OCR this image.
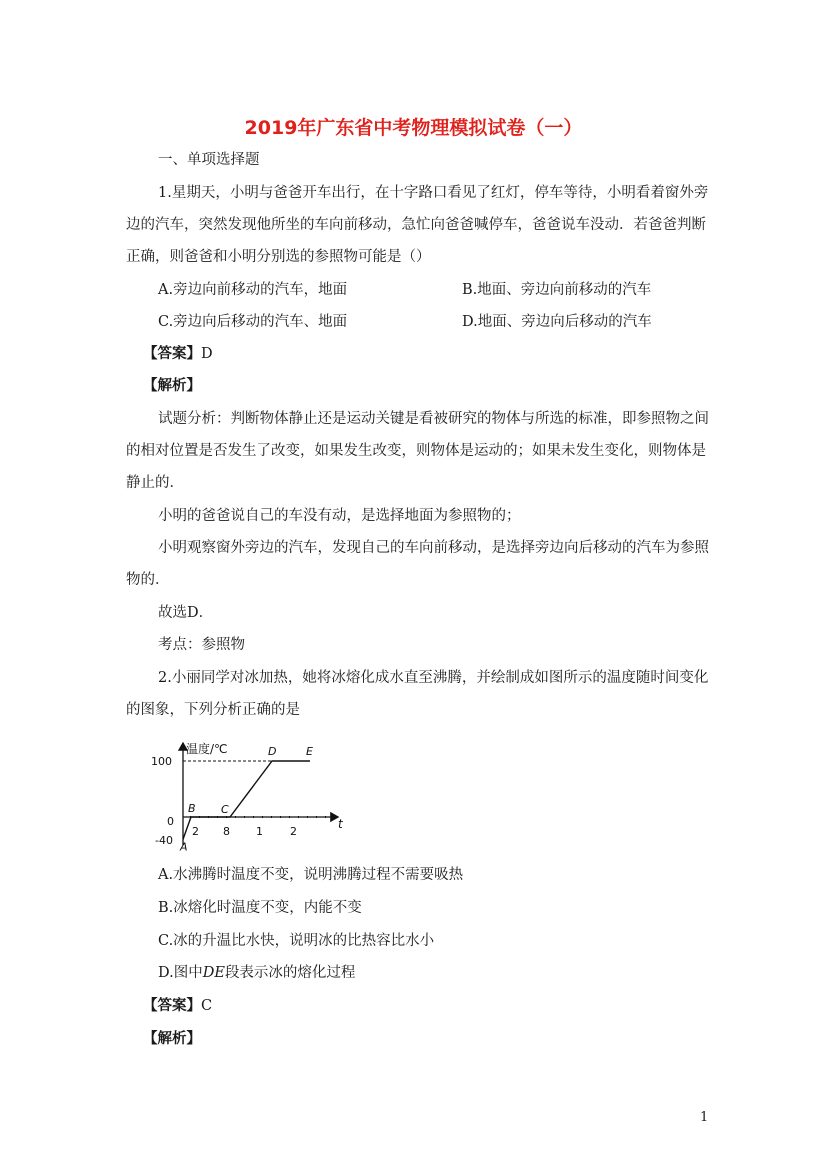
2019年广东省中考物理模拟试卷（一）
一、单项选择题
1.星期天，小明与爸爸开车出行，在十字路口看见了红灯，停车等待，小明看着窗外旁
边的汽车，突然发现他所坐的车向前移动，急忙向爸爸喊停车，爸爸说车没动．若爸爸判断
正确，则爸爸和小明分别选的参照物可能是（）
A.旁边向前移动的汽车，地面	B.地面、旁边向前移动的汽车
C.旁边向后移动的汽车、地面	D.地面、旁边向后移动的汽车
【答案】D
【解析】
试题分析：判断物体静止还是运动关键是看被研究的物体与所选的标准，即参照物之间
的相对位置是否发生了改变，如果发生改变，则物体是运动的；如果未发生变化，则物体是
静止的．
小明的爸爸说自己的车没有动，是选择地面为参照物的；
小明观察窗外旁边的汽车，发现自己的车向前移动，是选择旁边向后移动的汽车为参照
物的．
故选D．
考点：参照物
2.小丽同学对冰加热，她将冰熔化成水直至沸腾，并绘制成如图所示的温度随时间变化
的图象，下列分析正确的是
温度/℃
t
100
0
-40
2 8 1 2
A
B C
D	E
A.水沸腾时温度不变，说明沸腾过程不需要吸热
B.冰熔化时温度不变，内能不变
C.冰的升温比水快，说明冰的比热容比水小
D.图中DE段表示冰的熔化过程
【答案】C
【解析】
1
